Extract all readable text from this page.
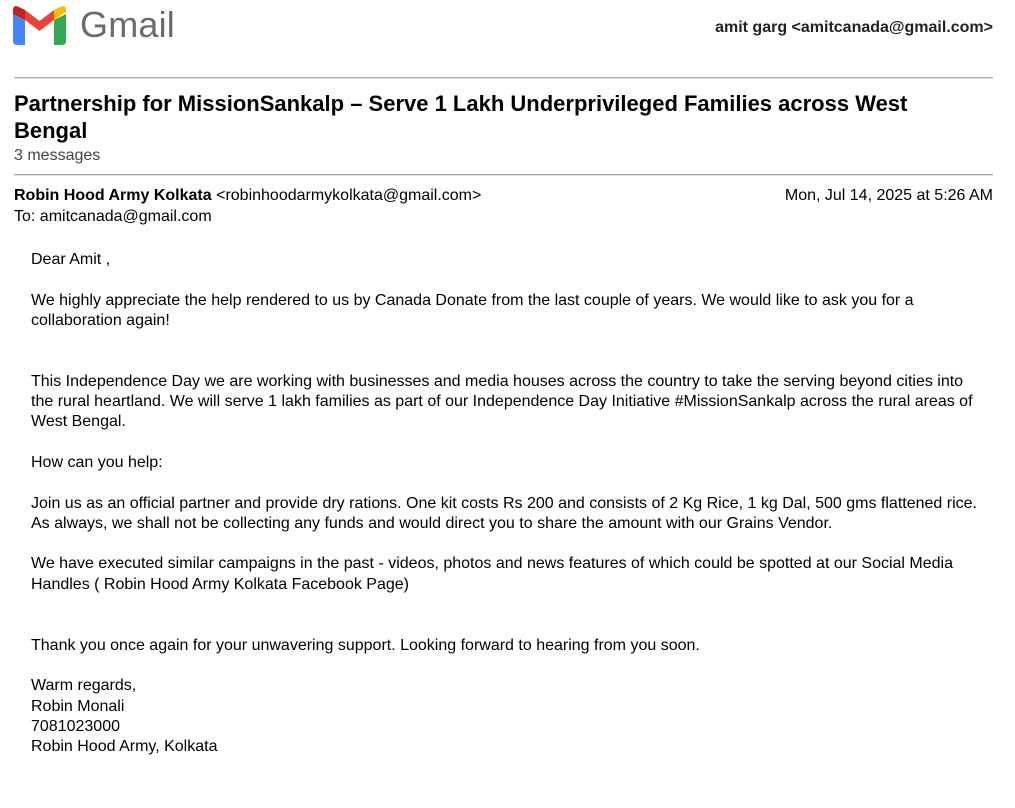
Gmail	amit garg <amitcanada@gmail.com>
Partnership for MissionSankalp – Serve 1 Lakh Underprivileged Families across West Bengal
3 messages
Robin Hood Army Kolkata <robinhoodarmykolkata@gmail.com>	Mon, Jul 14, 2025 at 5:26 AM
To: amitcanada@gmail.com

Dear Amit ,

We highly appreciate the help rendered to us by Canada Donate from the last couple of years. We would like to ask you for a collaboration again!

This Independence Day we are working with businesses and media houses across the country to take the serving beyond cities into the rural heartland. We will serve 1 lakh families as part of our Independence Day Initiative #MissionSankalp across the rural areas of West Bengal.

How can you help:

Join us as an official partner and provide dry rations. One kit costs Rs 200 and consists of 2 Kg Rice, 1 kg Dal, 500 gms flattened rice. As always, we shall not be collecting any funds and would direct you to share the amount with our Grains Vendor.

We have executed similar campaigns in the past - videos, photos and news features of which could be spotted at our Social Media Handles ( Robin Hood Army Kolkata Facebook Page)

Thank you once again for your unwavering support. Looking forward to hearing from you soon.

Warm regards,

Robin Monali

7081023000

Robin Hood Army, Kolkata
